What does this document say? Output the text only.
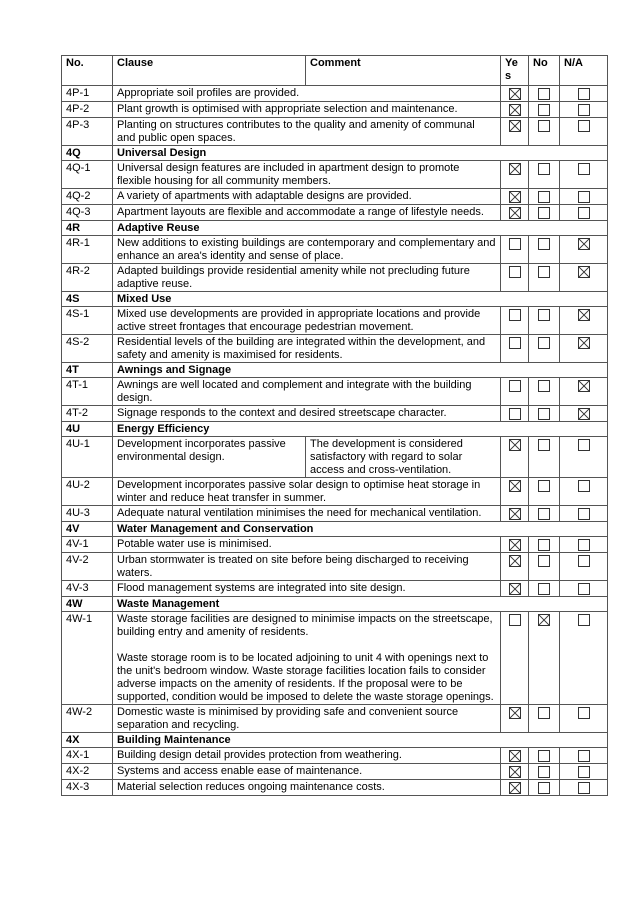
No.	Clause	Comment	Ye s	No	N/A
4P-1	Appropriate soil profiles are provided.				
4P-2	Plant growth is optimised with appropriate selection and maintenance.				
4P-3	Planting on structures contributes to the quality and amenity of communal and public open spaces.				
4Q	Universal Design				
4Q-1	Universal design features are included in apartment design to promote flexible housing for all community members.				
4Q-2	A variety of apartments with adaptable designs are provided.				
4Q-3	Apartment layouts are flexible and accommodate a range of lifestyle needs.				
4R	Adaptive Reuse				
4R-1	New additions to existing buildings are contemporary and complementary and enhance an area's identity and sense of place.				
4R-2	Adapted buildings provide residential amenity while not precluding future adaptive reuse.				
4S	Mixed Use				
4S-1	Mixed use developments are provided in appropriate locations and provide active street frontages that encourage pedestrian movement.				
4S-2	Residential levels of the building are integrated within the development, and safety and amenity is maximised for residents.				
4T	Awnings and Signage				
4T-1	Awnings are well located and complement and integrate with the building design.				
4T-2	Signage responds to the context and desired streetscape character.				
4U	Energy Efficiency				
4U-1	Development incorporates passive environmental design.	The development is considered satisfactory with regard to solar access and cross-ventilation.			
4U-2	Development incorporates passive solar design to optimise heat storage in winter and reduce heat transfer in summer.				
4U-3	Adequate natural ventilation minimises the need for mechanical ventilation.				
4V	Water Management and Conservation				
4V-1	Potable water use is minimised.				
4V-2	Urban stormwater is treated on site before being discharged to receiving waters.				
4V-3	Flood management systems are integrated into site design.				
4W	Waste Management				
4W-1	Waste storage facilities are designed to minimise impacts on the streetscape, building entry and amenity of residents.

Waste storage room is to be located adjoining to unit 4 with openings next to the unit's bedroom window. Waste storage facilities location fails to consider adverse impacts on the amenity of residents. If the proposal were to be supported, condition would be imposed to delete the waste storage openings.				
4W-2	Domestic waste is minimised by providing safe and convenient source separation and recycling.				
4X	Building Maintenance				
4X-1	Building design detail provides protection from weathering.				
4X-2	Systems and access enable ease of maintenance.				
4X-3	Material selection reduces ongoing maintenance costs.				
